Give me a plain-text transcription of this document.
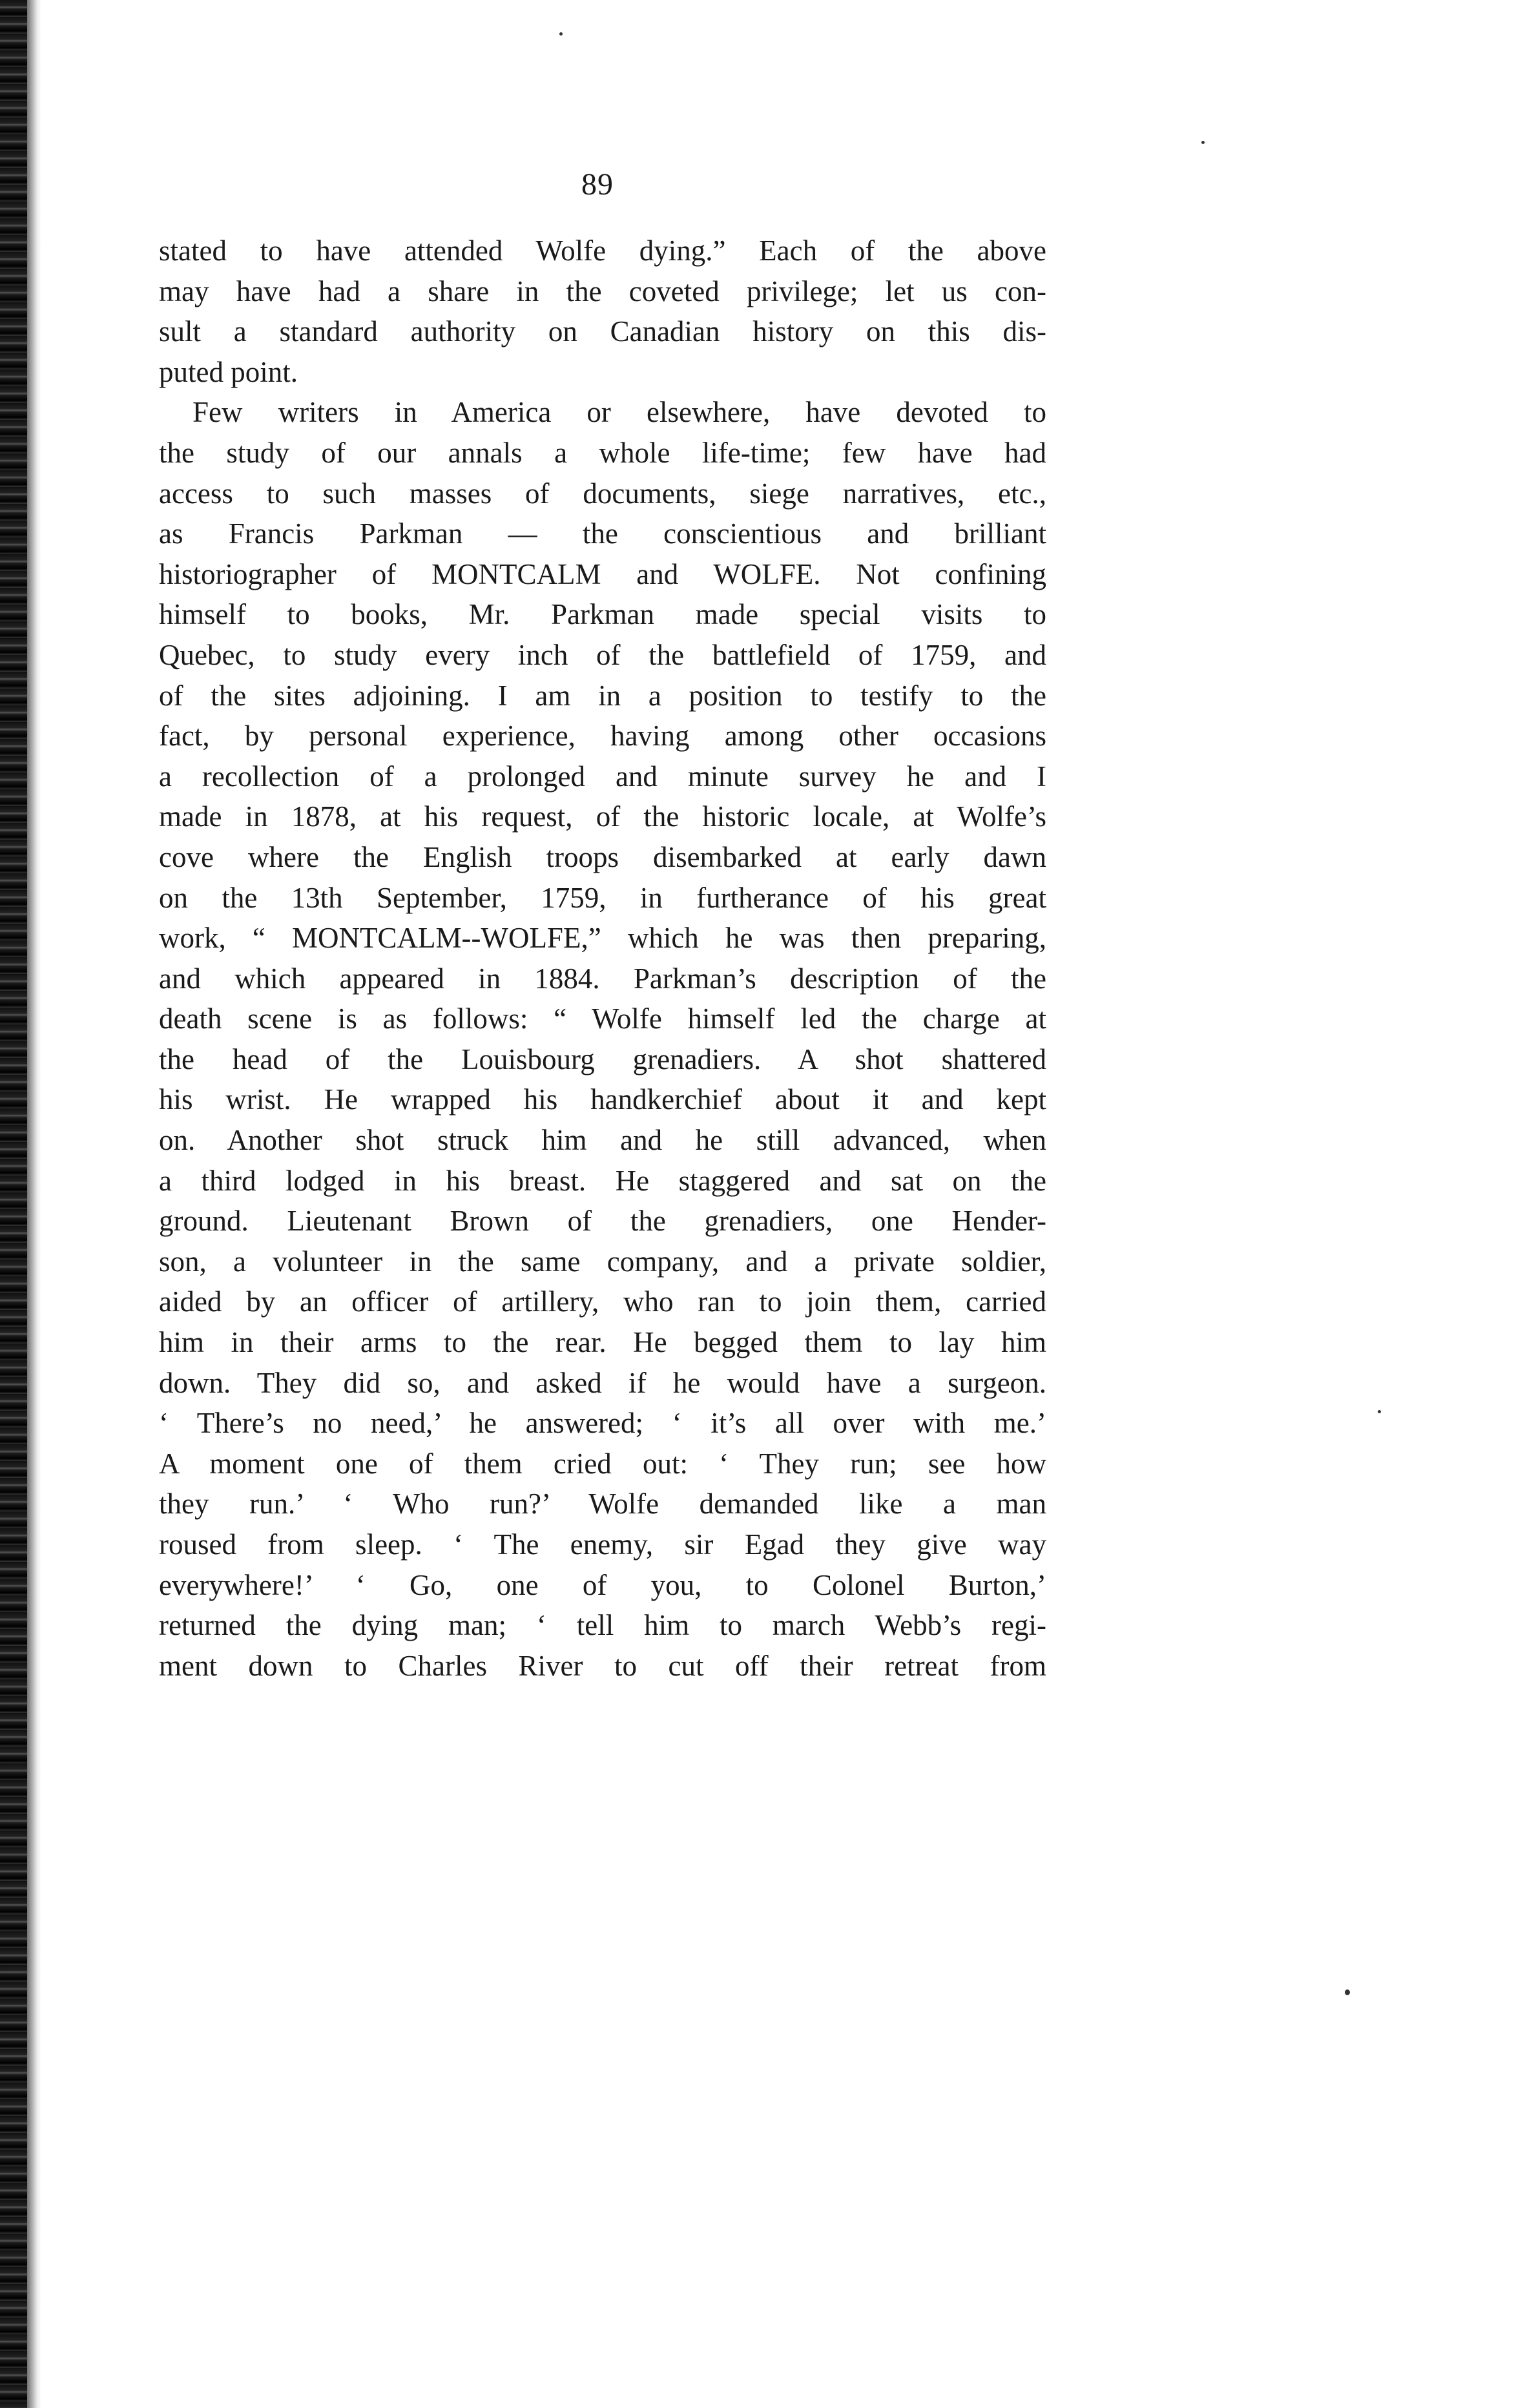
89
stated to have attended Wolfe dying.” Each of the above
may have had a share in the coveted privilege; let us con-
sult a standard authority on Canadian history on this dis-
puted point.
Few writers in America or elsewhere, have devoted to
the study of our annals a whole life-time; few have had
access to such masses of documents, siege narratives, etc.,
as Francis Parkman — the conscientious and brilliant
historiographer of MONTCALM and WOLFE. Not confining
himself to books, Mr. Parkman made special visits to
Quebec, to study every inch of the battlefield of 1759, and
of the sites adjoining. I am in a position to testify to the
fact, by personal experience, having among other occasions
a recollection of a prolonged and minute survey he and I
made in 1878, at his request, of the historic locale, at Wolfe’s
cove where the English troops disembarked at early dawn
on the 13th September, 1759, in furtherance of his great
work, “ MONTCALM--WOLFE,” which he was then preparing,
and which appeared in 1884. Parkman’s description of the
death scene is as follows: “ Wolfe himself led the charge at
the head of the Louisbourg grenadiers. A shot shattered
his wrist. He wrapped his handkerchief about it and kept
on. Another shot struck him and he still advanced, when
a third lodged in his breast. He staggered and sat on the
ground. Lieutenant Brown of the grenadiers, one Hender-
son, a volunteer in the same company, and a private soldier,
aided by an officer of artillery, who ran to join them, carried
him in their arms to the rear. He begged them to lay him
down. They did so, and asked if he would have a surgeon.
‘ There’s no need,’ he answered; ‘ it’s all over with me.’
A moment one of them cried out: ‘ They run; see how
they run.’ ‘ Who run?’ Wolfe demanded like a man
roused from sleep. ‘ The enemy, sir Egad they give way
everywhere!’ ‘ Go, one of you, to Colonel Burton,’
returned the dying man; ‘ tell him to march Webb’s regi-
ment down to Charles River to cut off their retreat from
